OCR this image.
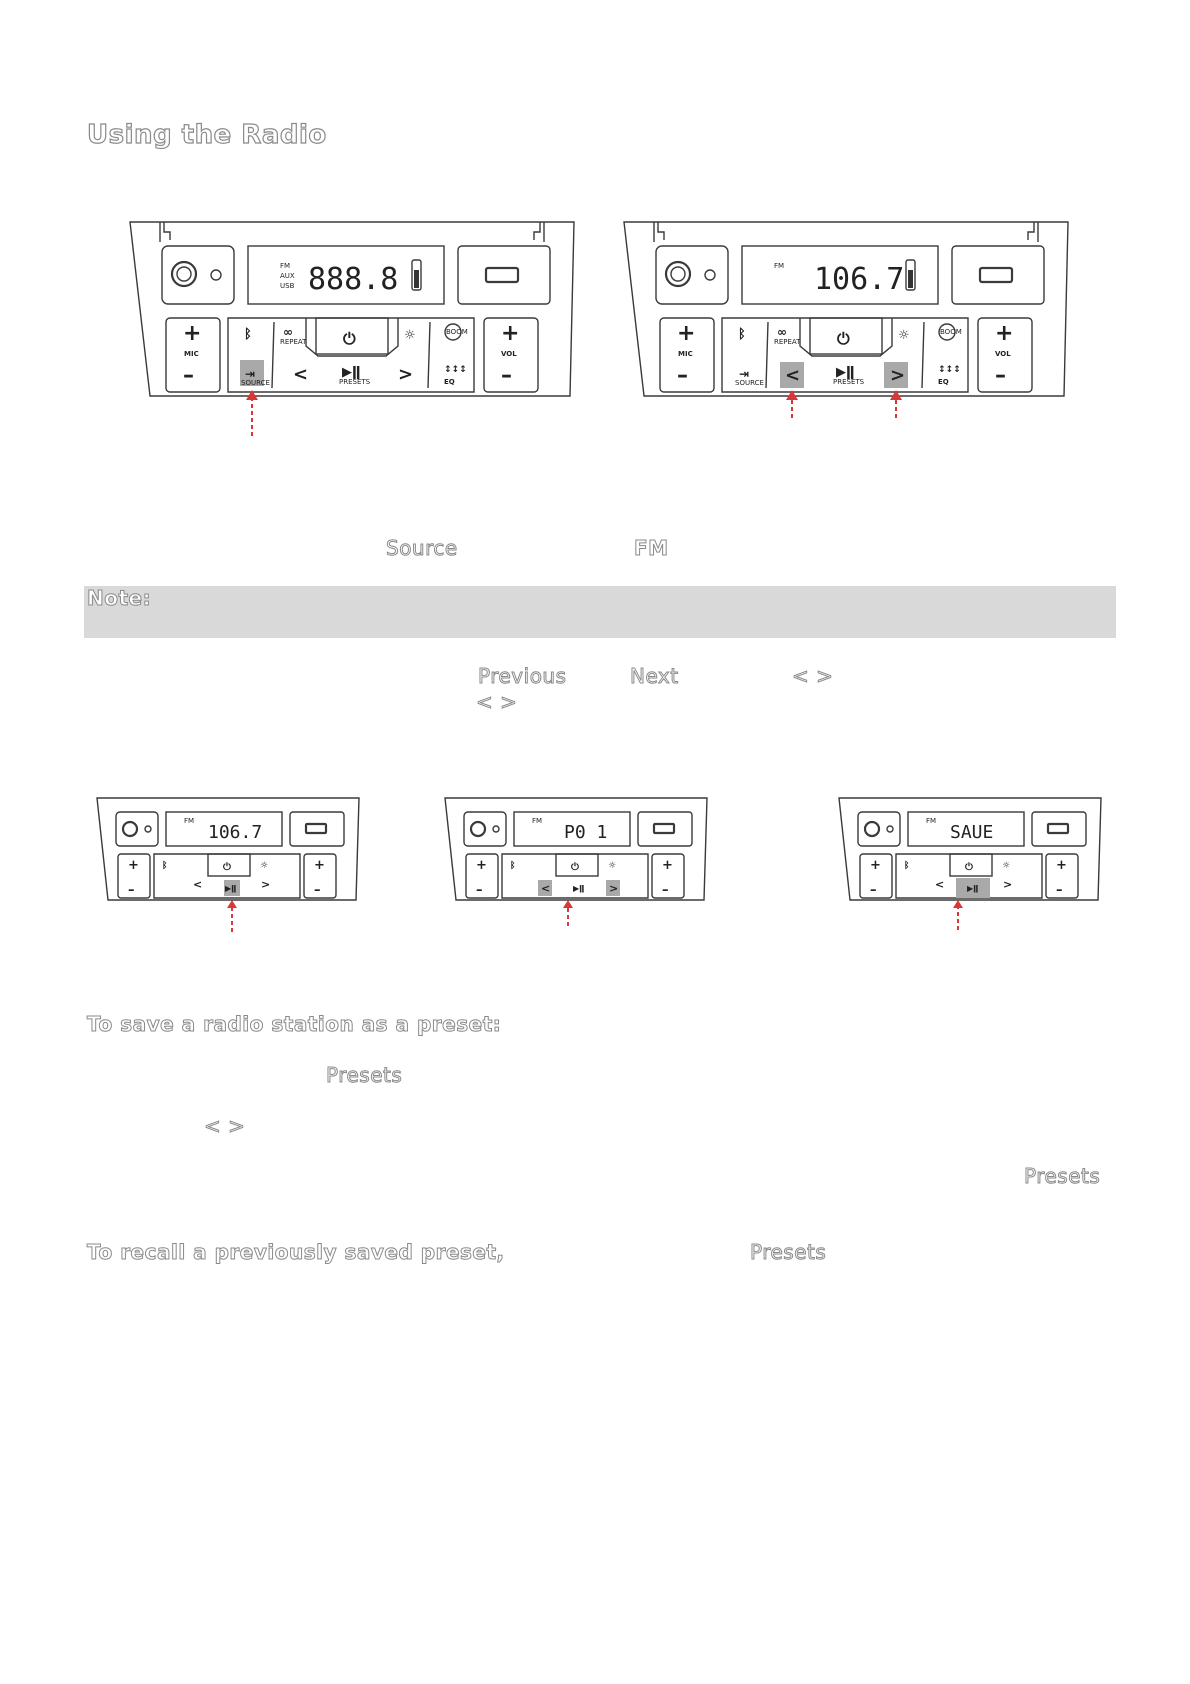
Using the Radio
FM
AUX
USB 888.8
+
MIC
–
⏻
ᛒ	∞
REPEAT	☼	BOOM
⇥
SOURCE <	▶ǁ
PRESETS >	↕↕↕
EQ
+
VOL
–
FM 106.7
+
MIC
–
⏻
ᛒ	∞
REPEAT	☼	BOOM
⇥
SOURCE <	▶ǁ
PRESETS >	↕↕↕
EQ
+
VOL
–
Source	FM
Note:
Previous	Next	< >
< >
FM
106.7
+
–
⏻	☼
ᛒ
<	▶ǁ >
+
–
FM
P0 1
+
–
⏻	☼
ᛒ
<	▶ǁ >
+
–
FM
SAUE
+
–
⏻	☼
ᛒ
<	▶ǁ >
+
–
To save a radio station as a preset:
Presets
< >
Presets
To recall a previously saved preset,	Presets
